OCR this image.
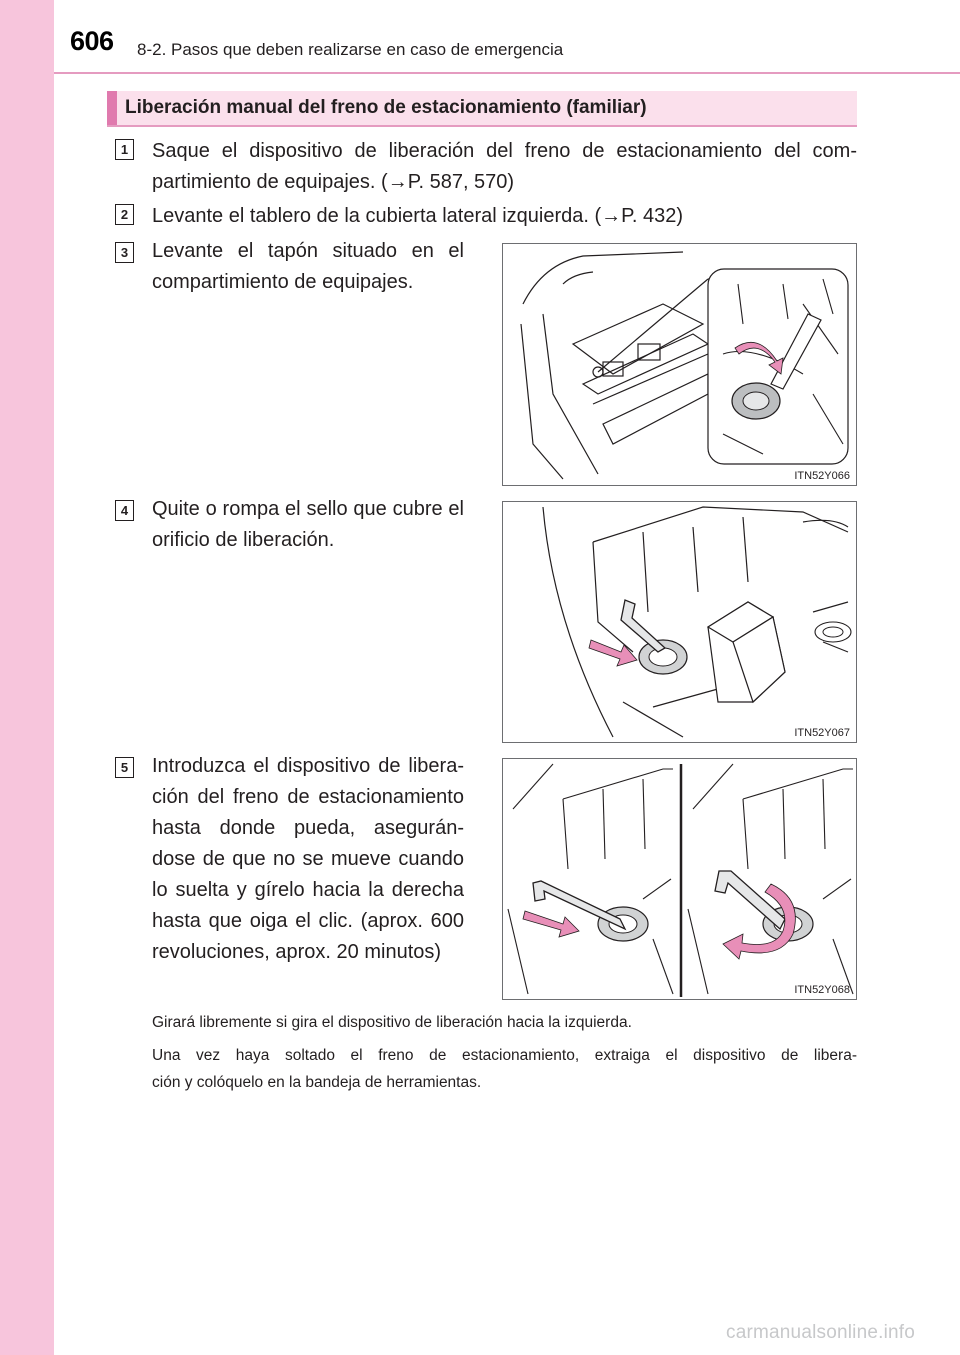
606 8-2. Pasos que deben realizarse en caso de emergencia
Liberación manual del freno de estacionamiento (familiar)
1 Saque el dispositivo de liberación del freno de estacionamiento del com-
partimiento de equipajes. (→P. 587, 570)
2 Levante el tablero de la cubierta lateral izquierda. (→P. 432)
3 Levante el tapón situado en el
compartimiento de equipajes.
ITN52Y066
4 Quite o rompa el sello que cubre el
orificio de liberación.
ITN52Y067
5 Introduzca el dispositivo de libera-
ción del freno de estacionamiento
hasta donde pueda, asegurán-
dose de que no se mueve cuando
lo suelta y gírelo hacia la derecha
hasta que oiga el clic. (aprox. 600
revoluciones, aprox. 20 minutos)
ITN52Y068
Girará libremente si gira el dispositivo de liberación hacia la izquierda.
Una vez haya soltado el freno de estacionamiento, extraiga el dispositivo de libera-
ción y colóquelo en la bandeja de herramientas.
carmanualsonline.info
